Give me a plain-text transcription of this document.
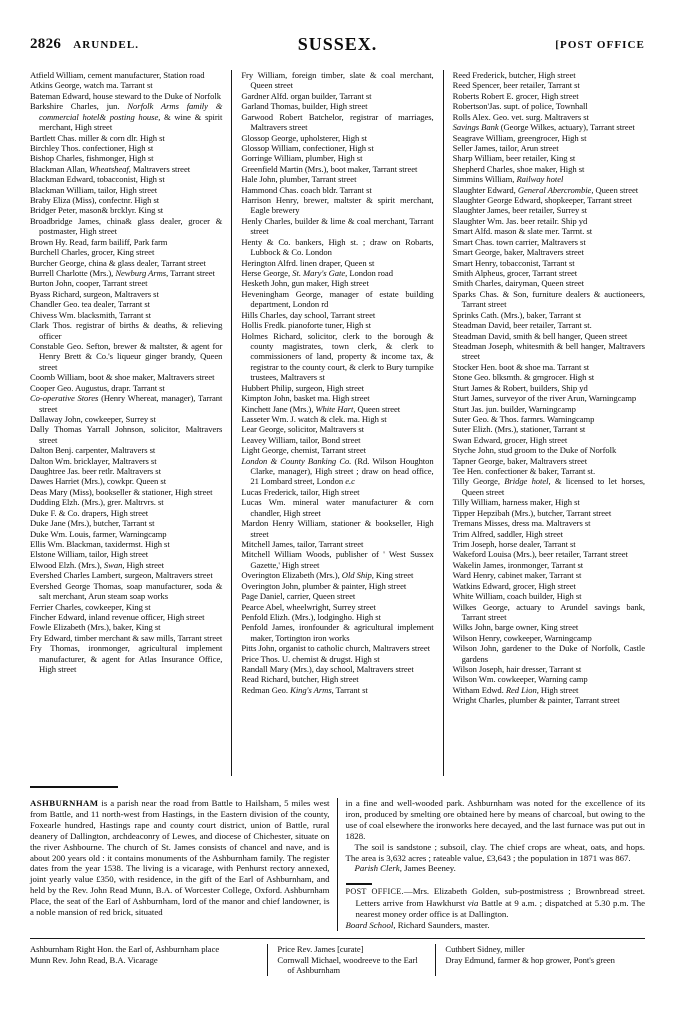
2826 ARUNDEL.	[POST OFFICE
SUSSEX.

Atfield William, cement manufacturer, Station road

Atkins George, watch ma. Tarrant st

Bateman Edward, house steward to the Duke of Norfolk

Barkshire Charles, jun. Norfolk Arms family & commercial hotel& posting house, & wine & spirit merchant, High street

Bartlett Chas. miller & corn dlr. High st

Birchley Thos. confectioner, High st

Bishop Charles, fishmonger, High st

Blackman Allan, Wheatsheaf, Maltravers street

Blackman Edward, tobacconist, High st

Blackman William, tailor, High street

Braby Eliza (Miss), confectnr. High st

Bridger Peter, mason& brcklyr. King st

Broadbridge James, china& glass dealer, grocer & postmaster, High street

Brown Hy. Read, farm bailiff, Park farm

Burchell Charles, grocer, King street

Burcher George, china & glass dealer, Tarrant street

Burrell Charlotte (Mrs.), Newburg Arms, Tarrant street

Burton John, cooper, Tarrant street

Byass Richard, surgeon, Maltravers st

Chandler Geo. tea dealer, Tarrant st

Chivess Wm. blacksmith, Tarrant st

Clark Thos. registrar of births & deaths, & relieving officer

Constable Geo. Sefton, brewer & maltster, & agent for Henry Brett & Co.'s liqueur ginger brandy, Queen street

Coomb William, boot & shoe maker, Maltravers street

Cooper Geo. Augustus, drapr. Tarrant st

Co-operative Stores (Henry Whereat, manager), Tarrant street

Dallaway John, cowkeeper, Surrey st

Dally Thomas Yarrall Johnson, solicitor, Maltravers street

Dalton Benj. carpenter, Maltravers st

Dalton Wm. bricklayer, Maltravers st

Daughtree Jas. beer retlr. Maltravers st

Dawes Harriet (Mrs.), cowkpr. Queen st

Deas Mary (Miss), bookseller & stationer, High street

Dudding Elzh. (Mrs.), grer. Maltrvrs. st

Duke F. & Co. drapers, High street

Duke Jane (Mrs.), butcher, Tarrant st

Duke Wm. Louis, farmer, Warningcamp

Ellis Wm. Blackman, taxidermst. High st

Elstone William, tailor, High street

Elwood Elzh. (Mrs.), Swan, High street

Evershed Charles Lambert, surgeon, Maltravers street

Evershed George Thomas, soap manufacturer, soda & salt merchant, Arun steam soap works

Ferrier Charles, cowkeeper, King st

Fincher Edward, inland revenue officer, High street

Fowle Elizabeth (Mrs.), baker, King st

Fry Edward, timber merchant & saw mills, Tarrant street

Fry Thomas, ironmonger, agricultural implement manufacturer, & agent for Atlas Insurance Office, High street

Fry William, foreign timber, slate & coal merchant, Queen street

Gardner Alfd. organ builder, Tarrant st

Garland Thomas, builder, High street

Garwood Robert Batchelor, registrar of marriages, Maltravers street

Glossop George, upholsterer, High st

Glossop William, confectioner, High st

Gorringe William, plumber, High st

Greenfield Martin (Mrs.), boot maker, Tarrant street

Hale John, plumber, Tarrant street

Hammond Chas. coach bldr. Tarrant st

Harrison Henry, brewer, maltster & spirit merchant, Eagle brewery

Henly Charles, builder & lime & coal merchant, Tarrant street

Henty & Co. bankers, High st. ; draw on Robarts, Lubbock & Co. London

Herington Alfrd. linen draper, Queen st

Herse George, St. Mary's Gate, London road

Hesketh John, gun maker, High street

Heveningham George, manager of estate building department, London rd

Hills Charles, day school, Tarrant street

Hollis Fredk. pianoforte tuner, High st

Holmes Richard, solicitor, clerk to the borough & county magistrates, town clerk, & clerk to commissioners of land, property & income tax, & registrar to the county court, & clerk to Bury turnpike trustees, Maltravers st

Hubbert Philip, surgeon, High street

Kimpton John, basket ma. High street

Kinchett Jane (Mrs.), White Hart, Queen street

Lasseter Wm. J. watch & clek. ma. High st

Lear George, solicitor, Maltravers st

Leavey William, tailor, Bond street

Light George, chemist, Tarrant street

London & County Banking Co. (Rd. Wilson Houghton Clarke, manager), High street ; draw on head office, 21 Lombard street, London e.c

Lucas Frederick, tailor, High street

Lucas Wm. mineral water manufacturer & corn chandler, High street

Mardon Henry William, stationer & bookseller, High street

Mitchell James, tailor, Tarrant street

Mitchell William Woods, publisher of ' West Sussex Gazette,' High street

Overington Elizabeth (Mrs.), Old Ship, King street

Overington John, plumber & painter, High street

Page Daniel, carrier, Queen street

Pearce Abel, wheelwright, Surrey street

Penfold Elizh. (Mrs.), lodgingho. High st

Penfold James, ironfounder & agricultural implement maker, Tortington iron works

Pitts John, organist to catholic church, Maltravers street

Price Thos. U. chemist & drugst. High st

Randall Mary (Mrs.), day school, Maltravers street

Read Richard, butcher, High street

Redman Geo. King's Arms, Tarrant st

Reed Frederick, butcher, High street

Reed Spencer, beer retailer, Tarrant st

Roberts Robert E. grocer, High street

Robertson'Jas. supt. of police, Townhall

Rolls Alex. Geo. vet. surg. Maltravers st

Savings Bank (George Wilkes, actuary), Tarrant street

Seagrave William, greengrocer, High st

Seller James, tailor, Arun street

Sharp William, beer retailer, King st

Shepherd Charles, shoe maker, High st

Simmins William, Railway hotel

Slaughter Edward, General Abercrombie, Queen street

Slaughter George Edward, shopkeeper, Tarrant street

Slaughter James, beer retailer, Surrey st

Slaughter Wm. Jas. beer retailr. Ship yd

Smart Alfd. mason & slate mer. Tarrnt. st

Smart Chas. town carrier, Maltravers st

Smart George, baker, Maltravers street

Smart Henry, tobacconist, Tarrant st

Smith Alpheus, grocer, Tarrant street

Smith Charles, dairyman, Queen street

Sparks Chas. & Son, furniture dealers & auctioneers, Tarrant street

Sprinks Cath. (Mrs.), baker, Tarrant st

Steadman David, beer retailer, Tarrant st.

Steadman David, smith & bell hanger, Queen street

Steadman Joseph, whitesmith & bell hanger, Maltravers street

Stocker Hen. boot & shoe ma. Tarrant st

Stone Geo. blksmth. & grngrocer. High st

Sturt James & Robert, builders, Ship yd

Sturt James, surveyor of the river Arun, Warningcamp

Sturt Jas. jun. builder, Warningcamp

Suter Geo. & Thos. farmrs. Warningcamp

Suter Elizh. (Mrs.), stationer, Tarrant st

Swan Edward, grocer, High street

Styche John, stud groom to the Duke of Norfolk

Tapner George, baker, Maltravers street

Tee Hen. confectioner & baker, Tarrant st.

Tilly George, Bridge hotel, & licensed to let horses, Queen street

Tilly William, harness maker, High st

Tipper Hepzibah (Mrs.), butcher, Tarrant street

Tremans Misses, dress ma. Maltravers st

Trim Alfred, saddler, High street

Trim Joseph, horse dealer, Tarrant st

Wakeford Louisa (Mrs.), beer retailer, Tarrant street

Wakelin James, ironmonger, Tarrant st

Ward Henry, cabinet maker, Tarrant st

Watkins Edward, grocer, High street

White William, coach builder, High st

Wilkes George, actuary to Arundel savings bank, Tarrant street

Wilks John, barge owner, King street

Wilson Henry, cowkeeper, Warningcamp

Wilson John, gardener to the Duke of Norfolk, Castle gardens

Wilson Joseph, hair dresser, Tarrant st

Wilson Wm. cowkeeper, Warning camp

Witham Edwd. Red Lion, High street

Wright Charles, plumber & painter, Tarrant street

ASHBURNHAM is a parish near the road from Battle to Hailsham, 5 miles west from Battle, and 11 north-west from Hastings, in the Eastern division of the county, Foxearle hundred, Hastings rape and county court district, union of Battle, rural deanery of Dallington, archdeaconry of Lewes, and diocese of Chichester, situate on the river Ashbourne. The church of St. James consists of chancel and nave, and is about 200 years old : it contains monuments of the Ashburnham family. The register dates from the year 1538. The living is a vicarage, with Penhurst rectory annexed, joint yearly value £350, with residence, in the gift of the Earl of Ashburnham, and held by the Rev. John Read Munn, B.A. of Worcester College, Oxford. Ashburnham Place, the seat of the Earl of Ashburnham, lord of the manor and chief landowner, is a noble mansion of red brick, situated

in a fine and well-wooded park. Ashburnham was noted for the excellence of its iron, produced by smelting ore obtained here by means of charcoal, but owing to the use of coal elsewhere the ironworks here decayed, and the last furnace was put out in 1828.

The soil is sandstone ; subsoil, clay. The chief crops are wheat, oats, and hops. The area is 3,632 acres ; rateable value, £3,643 ; the population in 1871 was 867.

Parish Clerk, James Beeney.

POST OFFICE.—Mrs. Elizabeth Golden, sub-postmistress ; Brownbread street. Letters arrive from Hawkhurst via Battle at 9 a.m. ; dispatched at 5.30 p.m. The nearest money order office is at Dallington.

Board School, Richard Saunders, master.

Ashburnham Right Hon. the Earl of, Ashburnham place

Munn Rev. John Read, B.A. Vicarage

Price Rev. James [curate]

Cornwall Michael, woodreeve to the Earl of Ashburnham

Cuthbert Sidney, miller

Dray Edmund, farmer & hop grower, Pont's green
